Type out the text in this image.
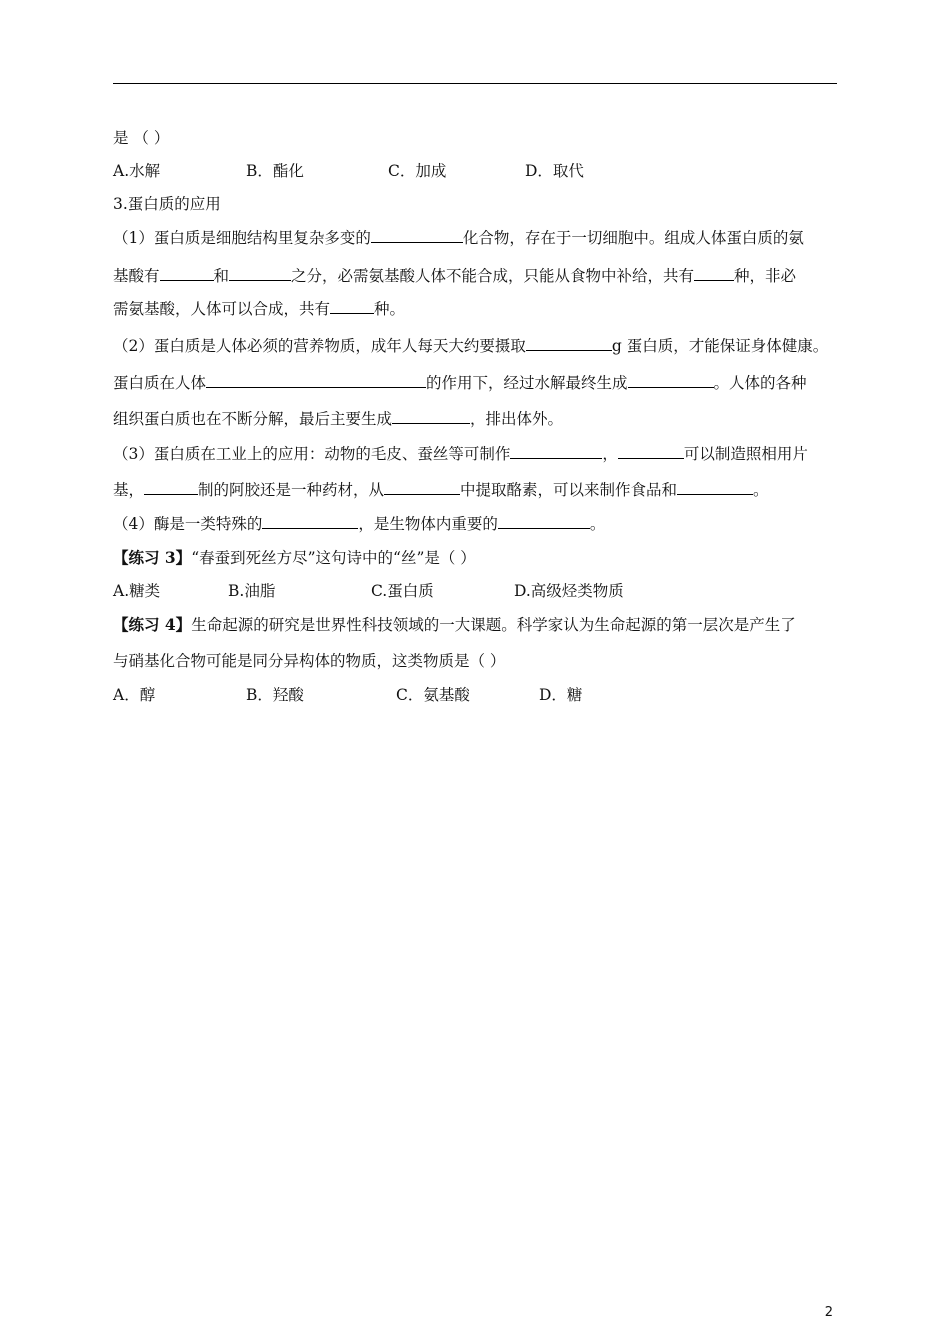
是 （ ）
A.水解	B．酯化	C．加成	D．取代
3.蛋白质的应用
（1）蛋白质是细胞结构里复杂多变的	化合物，存在于一切细胞中。组成人体蛋白质的氨
基酸有	和	之分，必需氨基酸人体不能合成，只能从食物中补给，共有	种，非必
需氨基酸，人体可以合成，共有	种。
（2）蛋白质是人体必须的营养物质，成年人每天大约要摄取	g 蛋白质，才能保证身体健康。
蛋白质在人体	的作用下，经过水解最终生成	。人体的各种
组织蛋白质也在不断分解，最后主要生成	，排出体外。
（3）蛋白质在工业上的应用：动物的毛皮、蚕丝等可制作	，	可以制造照相用片
基，	制的阿胶还是一种药材，从	中提取酪素，可以来制作食品和	。
（4）酶是一类特殊的	，是生物体内重要的	。
【练习 3】“春蚕到死丝方尽”这句诗中的“丝”是（ ）
A.糖类	B.油脂	C.蛋白质	D.高级烃类物质
【练习 4】生命起源的研究是世界性科技领域的一大课题。科学家认为生命起源的第一层次是产生了
与硝基化合物可能是同分异构体的物质，这类物质是（ ）
A．醇	B．羟酸	C．氨基酸	D．糖
2
